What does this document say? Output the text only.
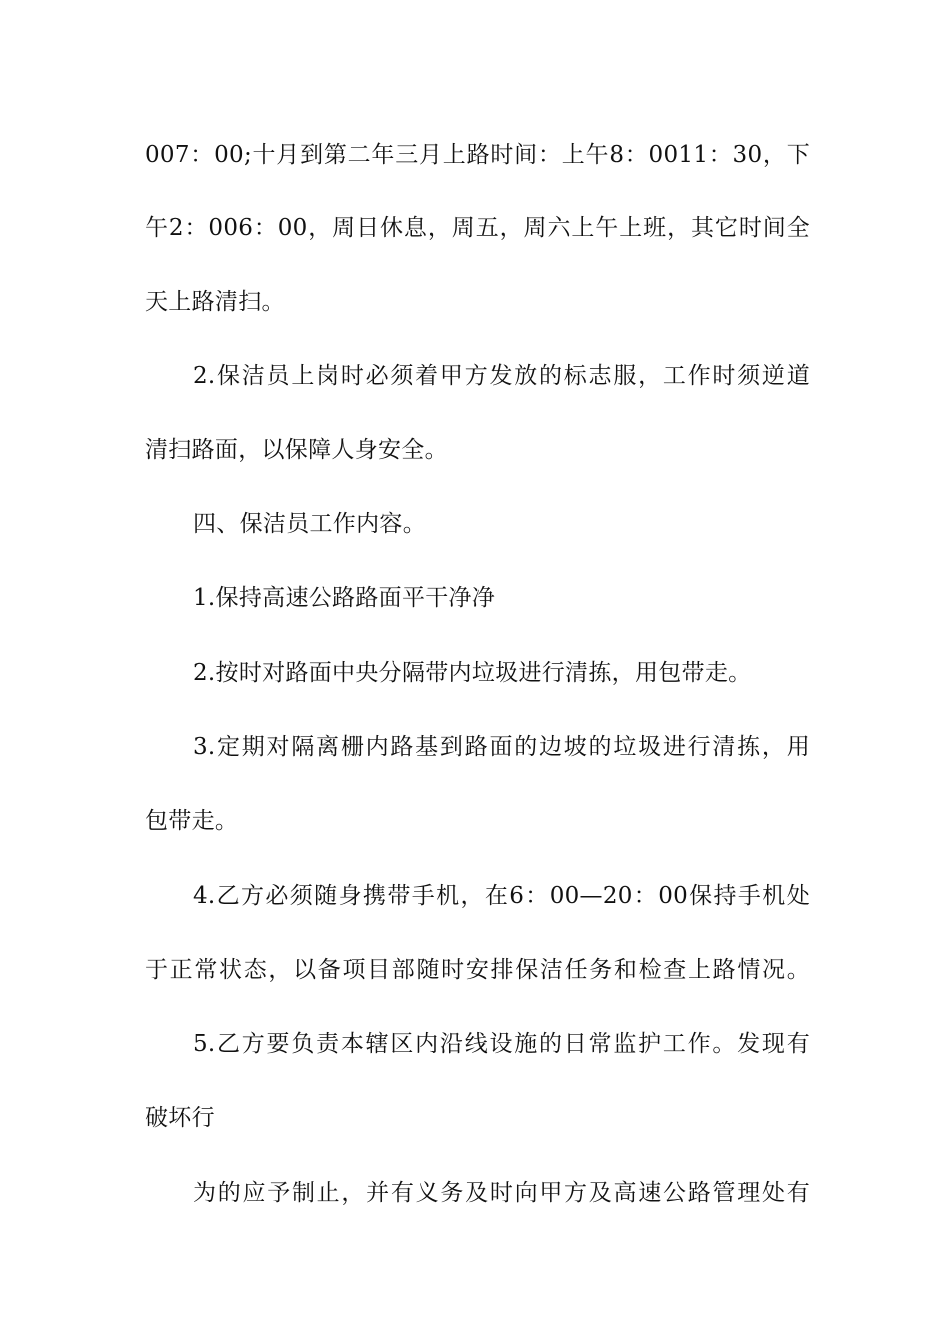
007：00;十月到第二年三月上路时间：上午8：0011：30，下
午2：006：00，周日休息，周五，周六上午上班，其它时间全
天上路清扫。
2.保洁员上岗时必须着甲方发放的标志服，工作时须逆道
清扫路面，以保障人身安全。
四、保洁员工作内容。
1.保持高速公路路面平干净净
2.按时对路面中央分隔带内垃圾进行清拣，用包带走。
3.定期对隔离栅内路基到路面的边坡的垃圾进行清拣，用
包带走。
4.乙方必须随身携带手机，在6：00—20：00保持手机处
于正常状态，以备项目部随时安排保洁任务和检查上路情况。
5.乙方要负责本辖区内沿线设施的日常监护工作。发现有
破坏行
为的应予制止，并有义务及时向甲方及高速公路管理处有
